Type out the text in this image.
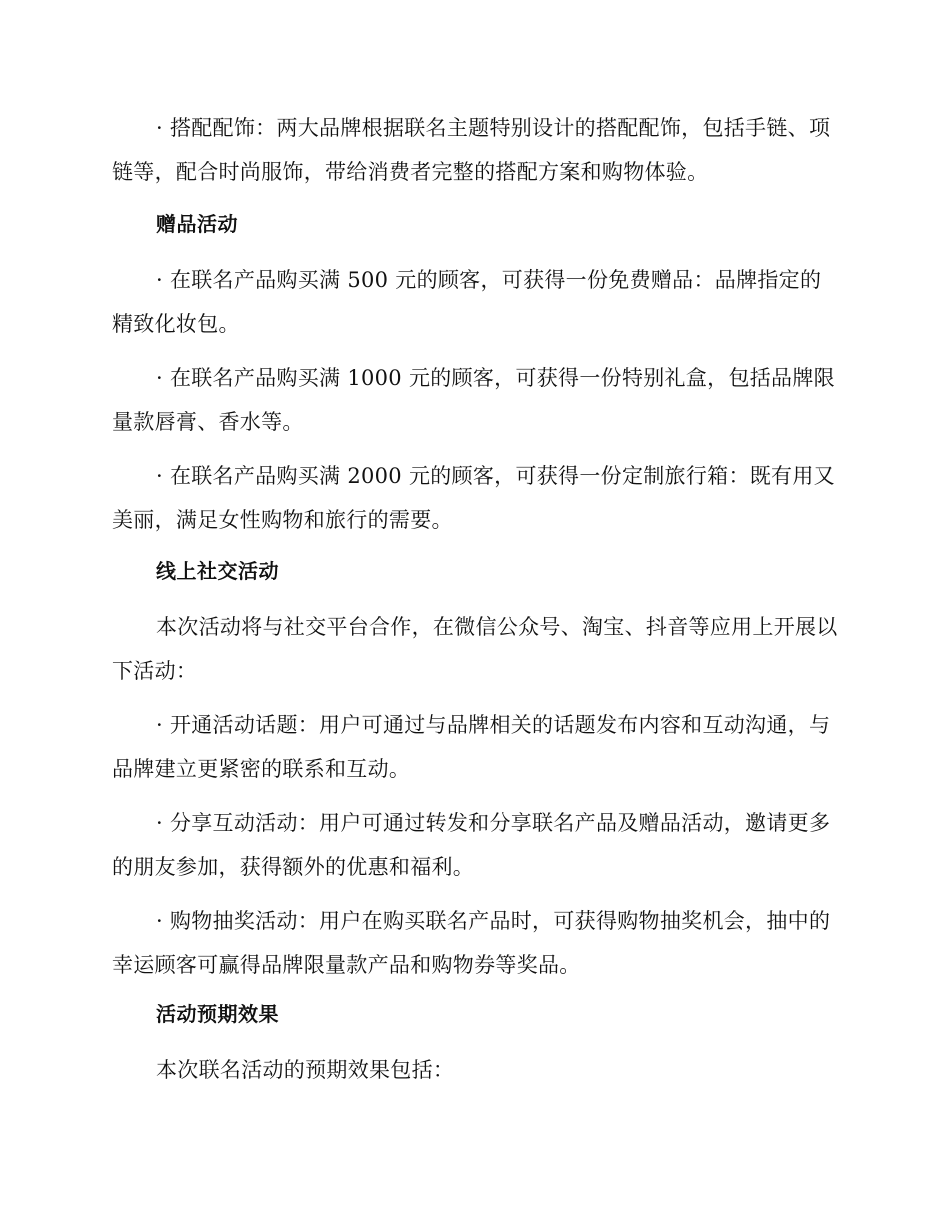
· 搭配配饰：两大品牌根据联名主题特别设计的搭配配饰，包括手链、项链等，配合时尚服饰，带给消费者完整的搭配方案和购物体验。

赠品活动

· 在联名产品购买满 500 元的顾客，可获得一份免费赠品：品牌指定的精致化妆包。

· 在联名产品购买满 1000 元的顾客，可获得一份特别礼盒，包括品牌限量款唇膏、香水等。

· 在联名产品购买满 2000 元的顾客，可获得一份定制旅行箱：既有用又美丽，满足女性购物和旅行的需要。

线上社交活动

本次活动将与社交平台合作，在微信公众号、淘宝、抖音等应用上开展以下活动：

· 开通活动话题：用户可通过与品牌相关的话题发布内容和互动沟通，与品牌建立更紧密的联系和互动。

· 分享互动活动：用户可通过转发和分享联名产品及赠品活动，邀请更多的朋友参加，获得额外的优惠和福利。

· 购物抽奖活动：用户在购买联名产品时，可获得购物抽奖机会，抽中的幸运顾客可赢得品牌限量款产品和购物券等奖品。

活动预期效果

本次联名活动的预期效果包括：
